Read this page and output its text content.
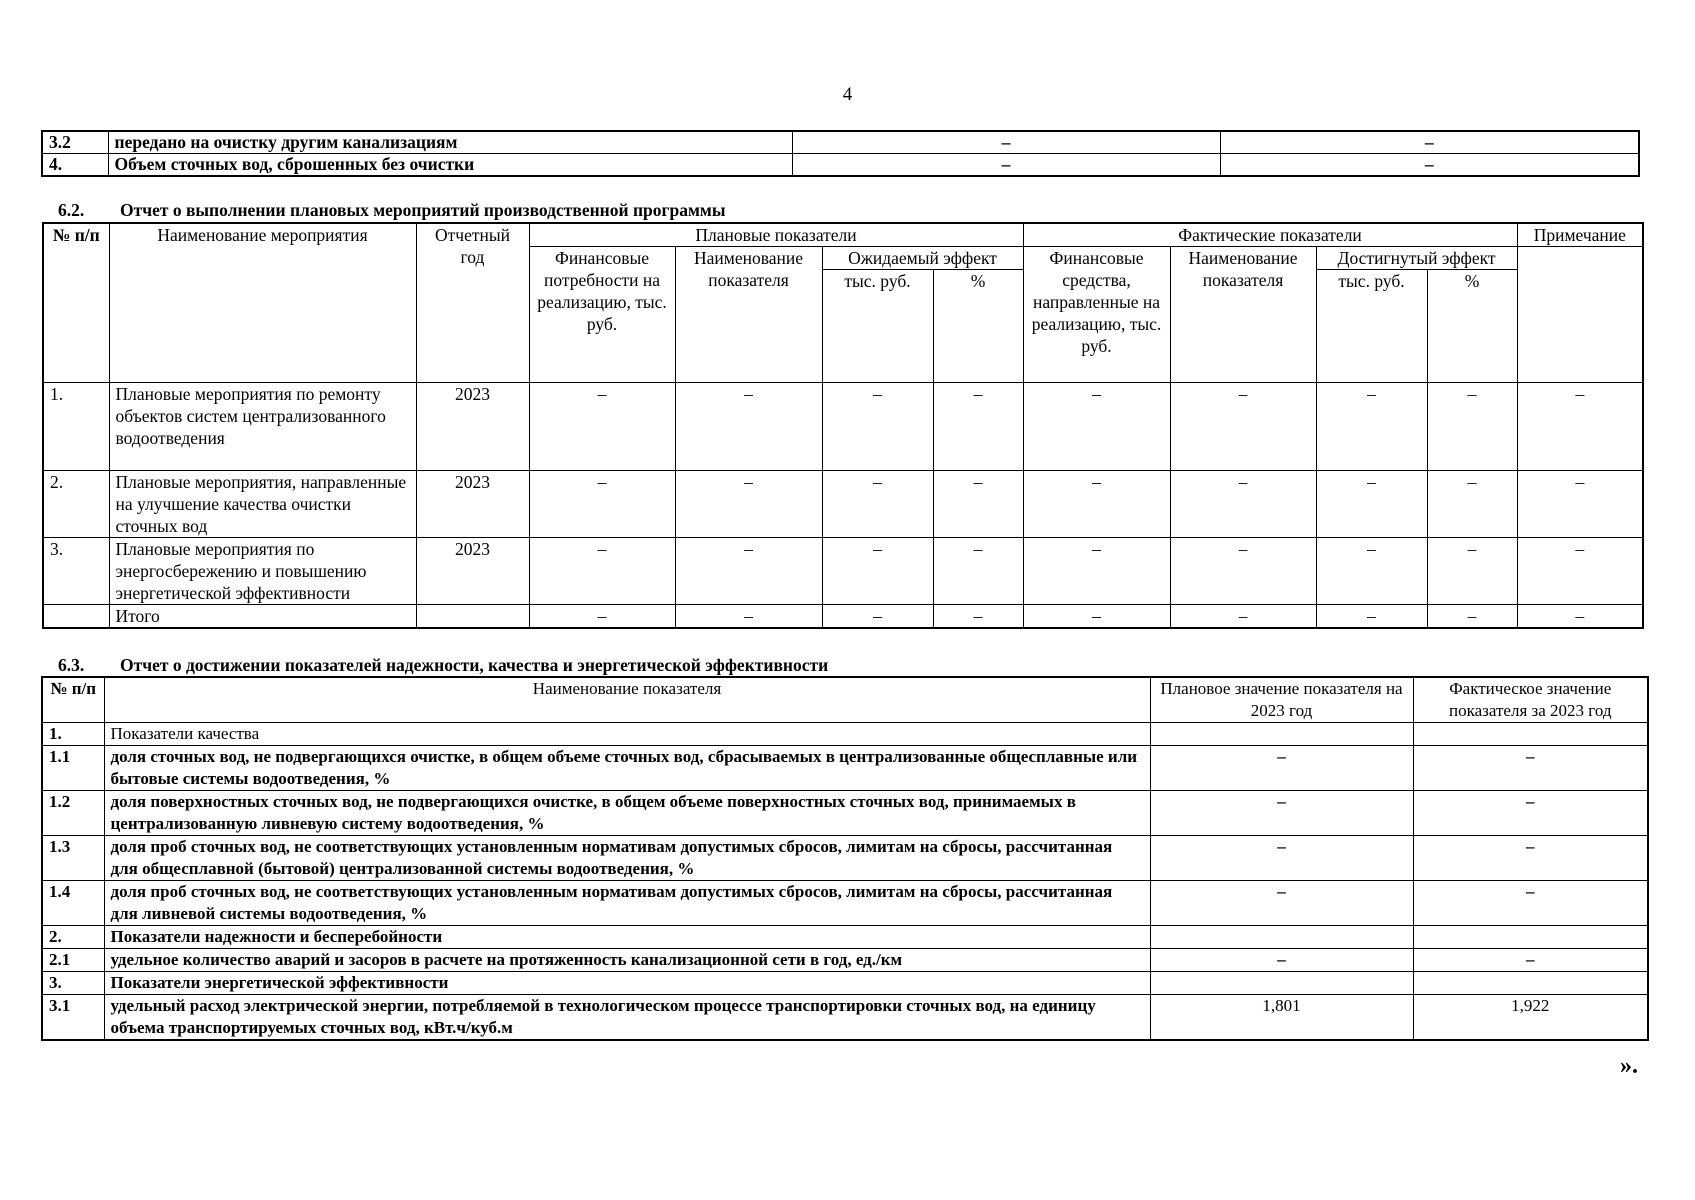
4
3.2	передано на очистку другим канализациям	–	–
4.	Объем сточных вод, сброшенных без очистки	–	–
6.2. Отчет о выполнении плановых мероприятий производственной программы
№ п/п	Наименование мероприятия	Отчетный год	Плановые показатели				Фактические показатели				Примечание
			Финансовые потребности на реализацию, тыс. руб.	Наименование показателя	Ожидаемый эффект		Финансовые средства, направленные на реализацию, тыс. руб.	Наименование показателя	Достигнутый эффект		
					тыс. руб.	%			тыс. руб.	%	
1.	Плановые мероприятия по ремонту объектов систем централизованного водоотведения	2023	–	–	–	–	–	–	–	–	–
2.	Плановые мероприятия, направленные на улучшение качества очистки сточных вод	2023	–	–	–	–	–	–	–	–	–
3.	Плановые мероприятия по энергосбережению и повышению энергетической эффективности	2023	–	–	–	–	–	–	–	–	–
	Итого		–	–	–	–	–	–	–	–	–
6.3. Отчет о достижении показателей надежности, качества и энергетической эффективности
№ п/п	Наименование показателя	Плановое значение показателя на 2023 год	Фактическое значение показателя за 2023 год
1.	Показатели качества		
1.1	доля сточных вод, не подвергающихся очистке, в общем объеме сточных вод, сбрасываемых в централизованные общесплавные или бытовые системы водоотведения, %	–	–
1.2	доля поверхностных сточных вод, не подвергающихся очистке, в общем объеме поверхностных сточных вод, принимаемых в централизованную ливневую систему водоотведения, %	–	–
1.3	доля проб сточных вод, не соответствующих установленным нормативам допустимых сбросов, лимитам на сбросы, рассчитанная для общесплавной (бытовой) централизованной системы водоотведения, %	–	–
1.4	доля проб сточных вод, не соответствующих установленным нормативам допустимых сбросов, лимитам на сбросы, рассчитанная для ливневой системы водоотведения, %	–	–
2.	Показатели надежности и бесперебойности		
2.1	удельное количество аварий и засоров в расчете на протяженность канализационной сети в год, ед./км	–	–
3.	Показатели энергетической эффективности		
3.1	удельный расход электрической энергии, потребляемой в технологическом процессе транспортировки сточных вод, на единицу объема транспортируемых сточных вод, кВт.ч/куб.м	1,801	1,922
».
